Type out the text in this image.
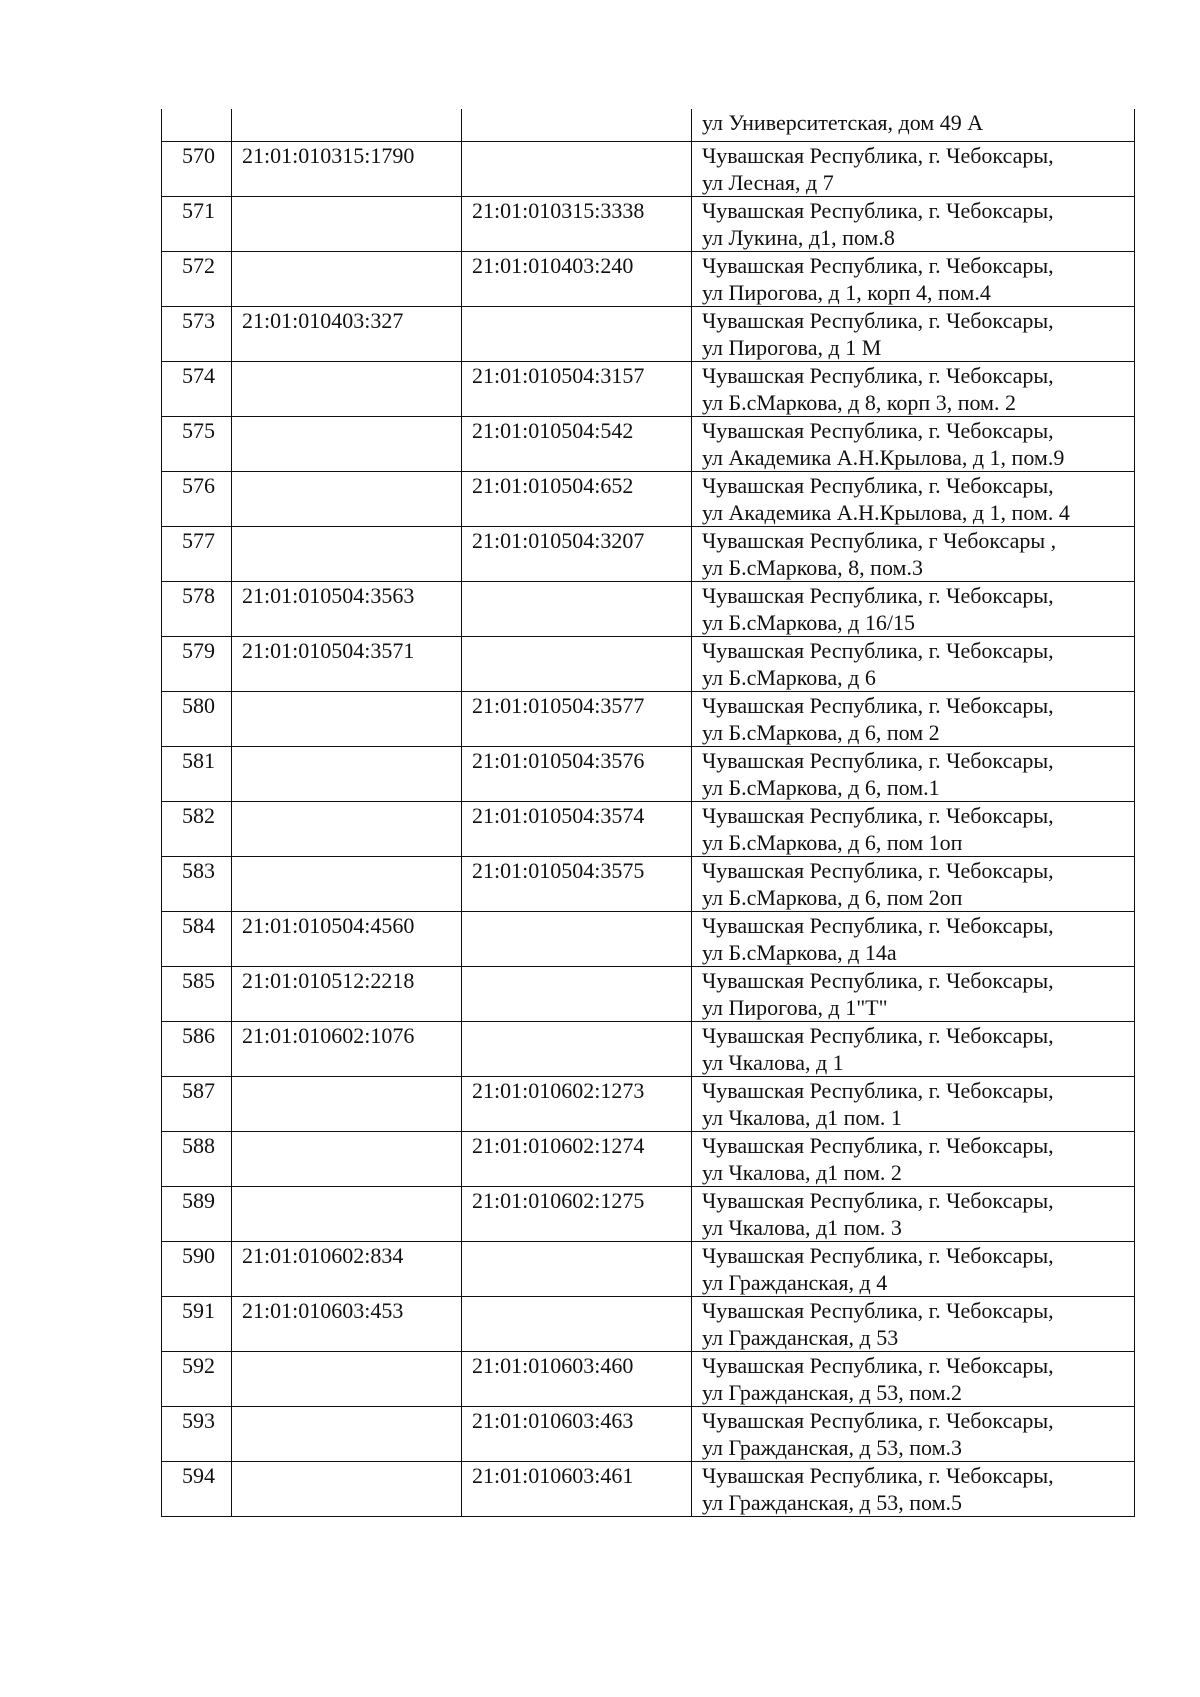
			ул Университетская, дом 49 А

570	21:01:010315:1790		Чувашская Республика, г. Чебоксары,
ул Лесная, д 7

571		21:01:010315:3338	Чувашская Республика, г. Чебоксары,
ул Лукина, д1, пом.8

572		21:01:010403:240	Чувашская Республика, г. Чебоксары,
ул Пирогова, д 1, корп 4, пом.4

573	21:01:010403:327		Чувашская Республика, г. Чебоксары,
ул Пирогова, д 1 М

574		21:01:010504:3157	Чувашская Республика, г. Чебоксары,
ул Б.сМаркова, д 8, корп 3, пом. 2

575		21:01:010504:542	Чувашская Республика, г. Чебоксары,
ул Академика А.Н.Крылова, д 1, пом.9

576		21:01:010504:652	Чувашская Республика, г. Чебоксары,
ул Академика А.Н.Крылова, д 1, пом. 4

577		21:01:010504:3207	Чувашская Республика, г Чебоксары ,
ул Б.сМаркова, 8, пом.3

578	21:01:010504:3563		Чувашская Республика, г. Чебоксары,
ул Б.сМаркова, д 16/15

579	21:01:010504:3571		Чувашская Республика, г. Чебоксары,
ул Б.сМаркова, д 6

580		21:01:010504:3577	Чувашская Республика, г. Чебоксары,
ул Б.сМаркова, д 6, пом 2

581		21:01:010504:3576	Чувашская Республика, г. Чебоксары,
ул Б.сМаркова, д 6, пом.1

582		21:01:010504:3574	Чувашская Республика, г. Чебоксары,
ул Б.сМаркова, д 6, пом 1оп

583		21:01:010504:3575	Чувашская Республика, г. Чебоксары,
ул Б.сМаркова, д 6, пом 2оп

584	21:01:010504:4560		Чувашская Республика, г. Чебоксары,
ул Б.сМаркова, д 14а

585	21:01:010512:2218		Чувашская Республика, г. Чебоксары,
ул Пирогова, д 1"Т"

586	21:01:010602:1076		Чувашская Республика, г. Чебоксары,
ул Чкалова, д 1

587		21:01:010602:1273	Чувашская Республика, г. Чебоксары,
ул Чкалова, д1 пом. 1

588		21:01:010602:1274	Чувашская Республика, г. Чебоксары,
ул Чкалова, д1 пом. 2

589		21:01:010602:1275	Чувашская Республика, г. Чебоксары,
ул Чкалова, д1 пом. 3

590	21:01:010602:834		Чувашская Республика, г. Чебоксары,
ул Гражданская, д 4

591	21:01:010603:453		Чувашская Республика, г. Чебоксары,
ул Гражданская, д 53

592		21:01:010603:460	Чувашская Республика, г. Чебоксары,
ул Гражданская, д 53, пом.2

593		21:01:010603:463	Чувашская Республика, г. Чебоксары,
ул Гражданская, д 53, пом.3

594		21:01:010603:461	Чувашская Республика, г. Чебоксары,
ул Гражданская, д 53, пом.5
